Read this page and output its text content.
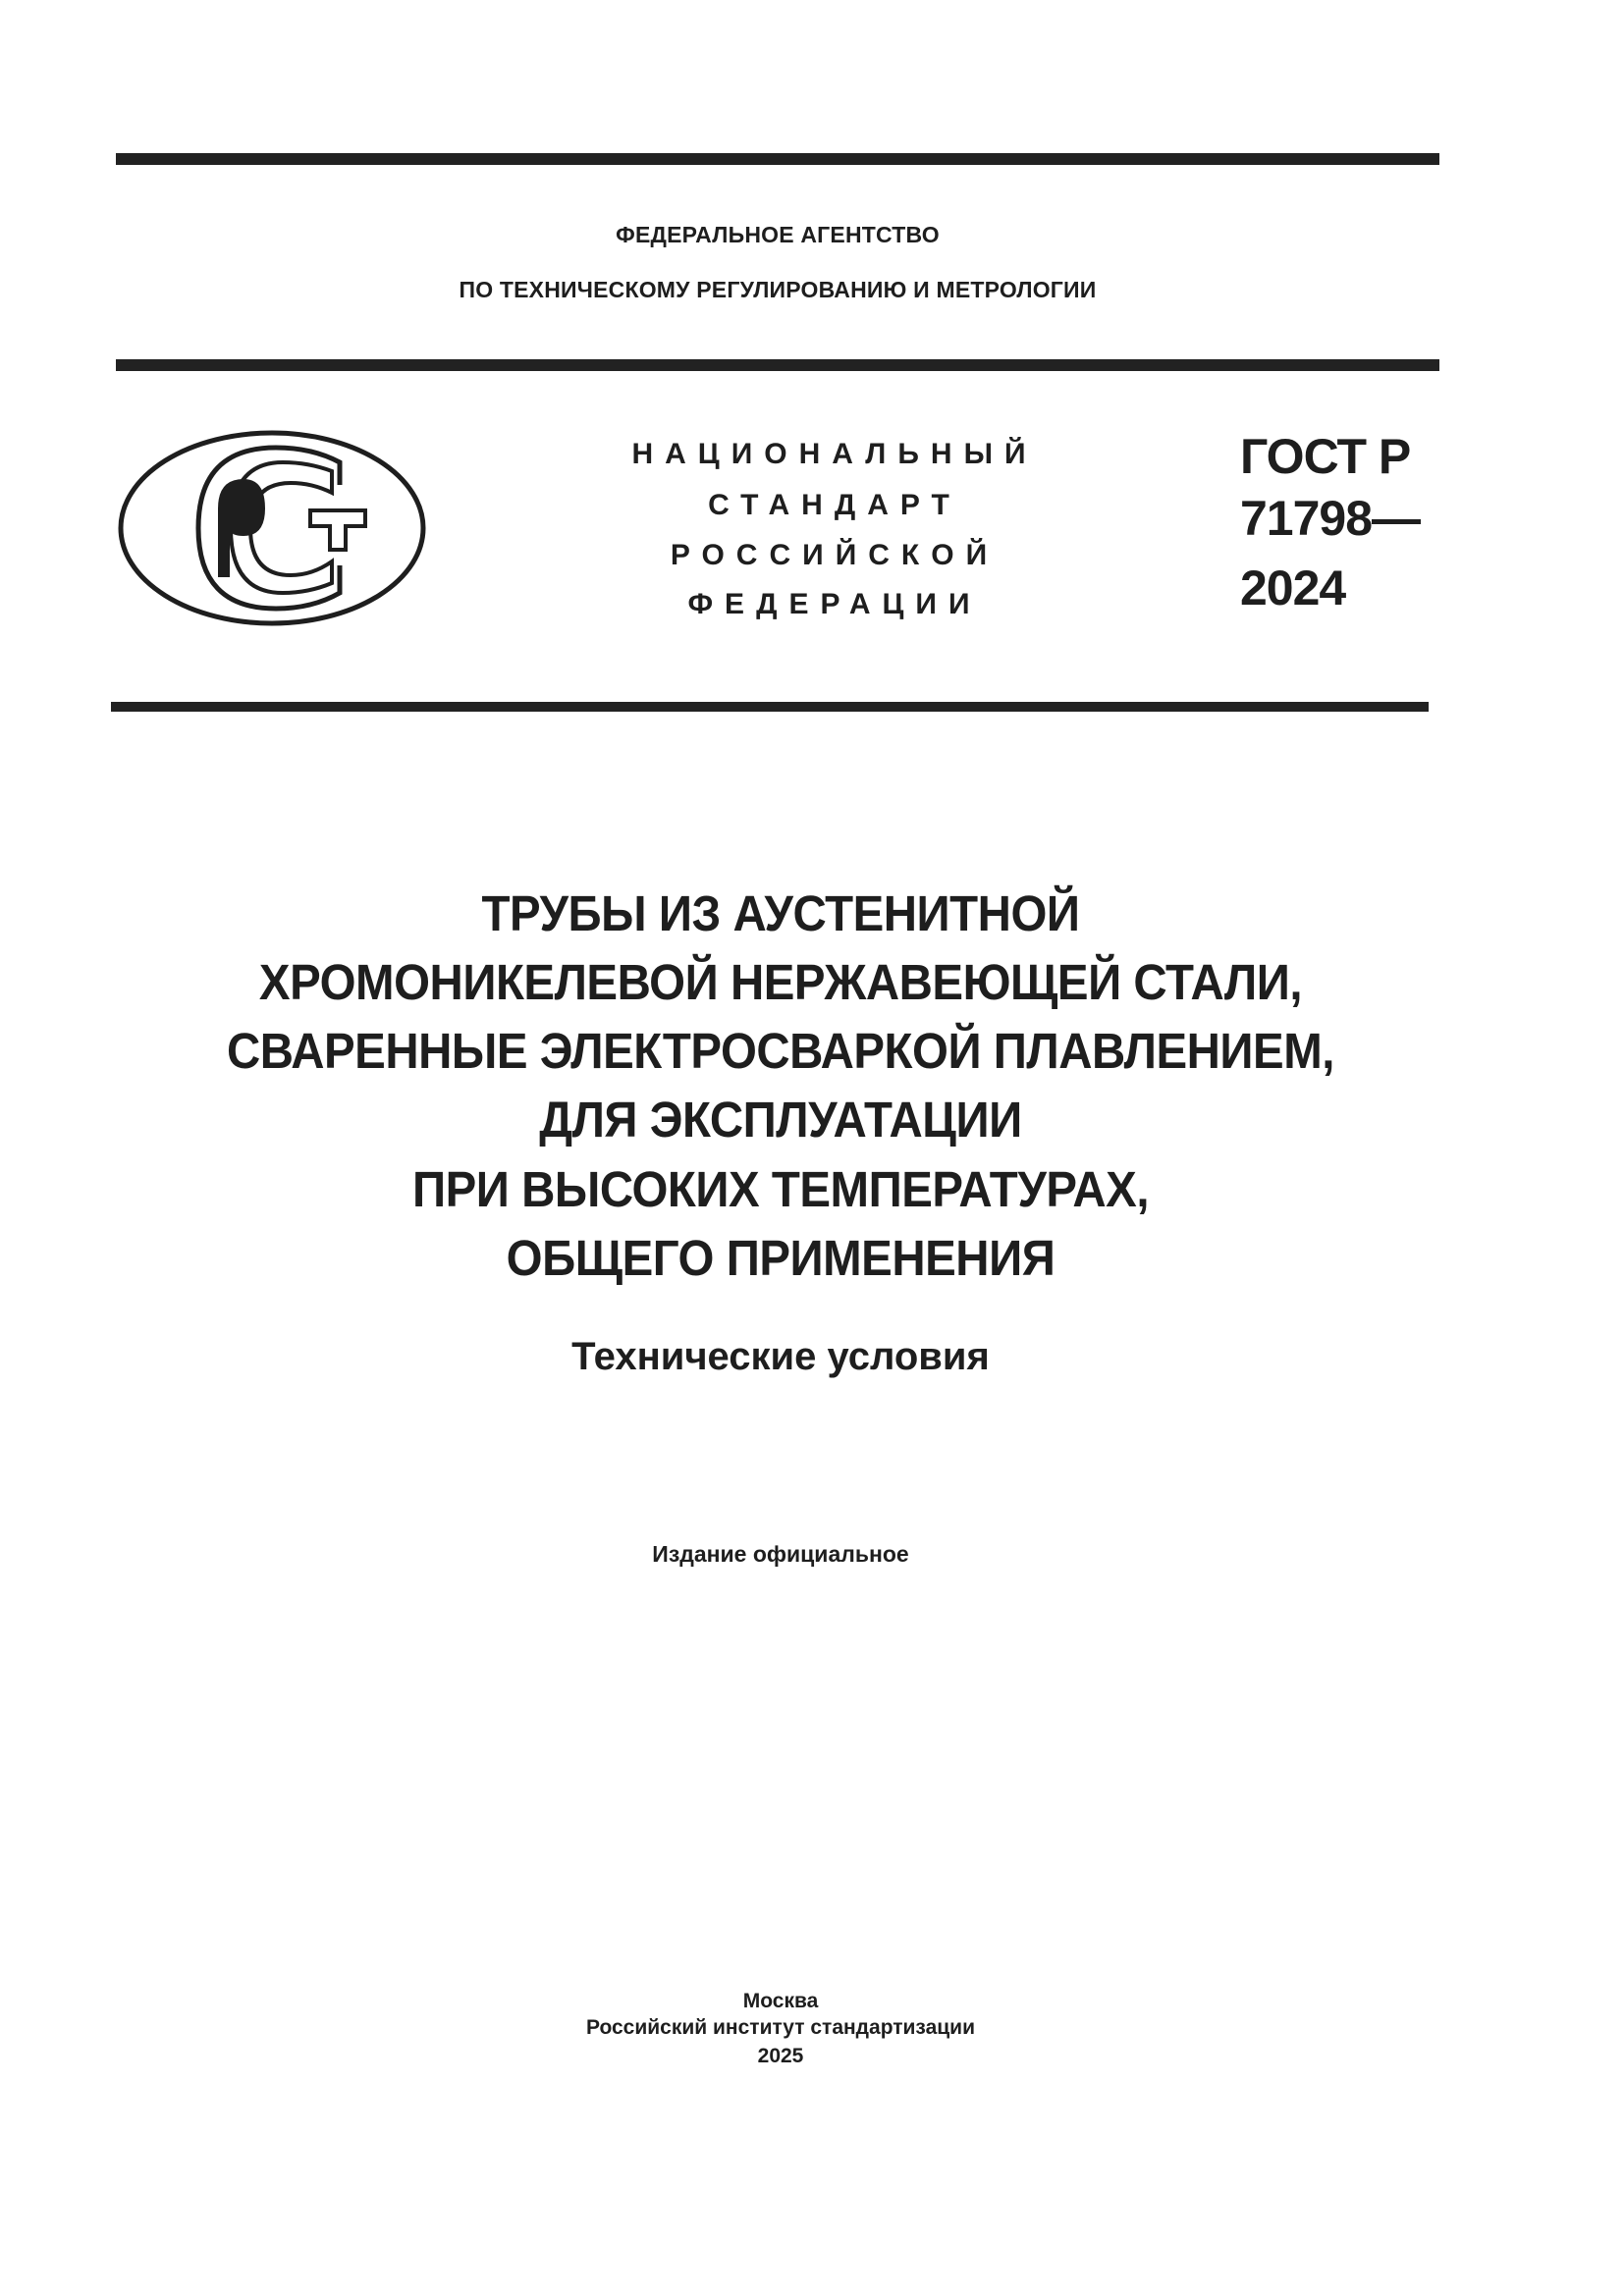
ФЕДЕРАЛЬНОЕ АГЕНТСТВО
ПО ТЕХНИЧЕСКОМУ РЕГУЛИРОВАНИЮ И МЕТРОЛОГИИ
НАЦИОНАЛЬНЫЙ
СТАНДАРТ
РОССИЙСКОЙ
ФЕДЕРАЦИИ
ГОСТ Р
71798—
2024
ТРУБЫ ИЗ АУСТЕНИТНОЙ
ХРОМОНИКЕЛЕВОЙ НЕРЖАВЕЮЩЕЙ СТАЛИ,
СВАРЕННЫЕ ЭЛЕКТРОСВАРКОЙ ПЛАВЛЕНИЕМ,
ДЛЯ ЭКСПЛУАТАЦИИ
ПРИ ВЫСОКИХ ТЕМПЕРАТУРАХ,
ОБЩЕГО ПРИМЕНЕНИЯ
Технические условия
Издание официальное
Москва
Российский институт стандартизации
2025
